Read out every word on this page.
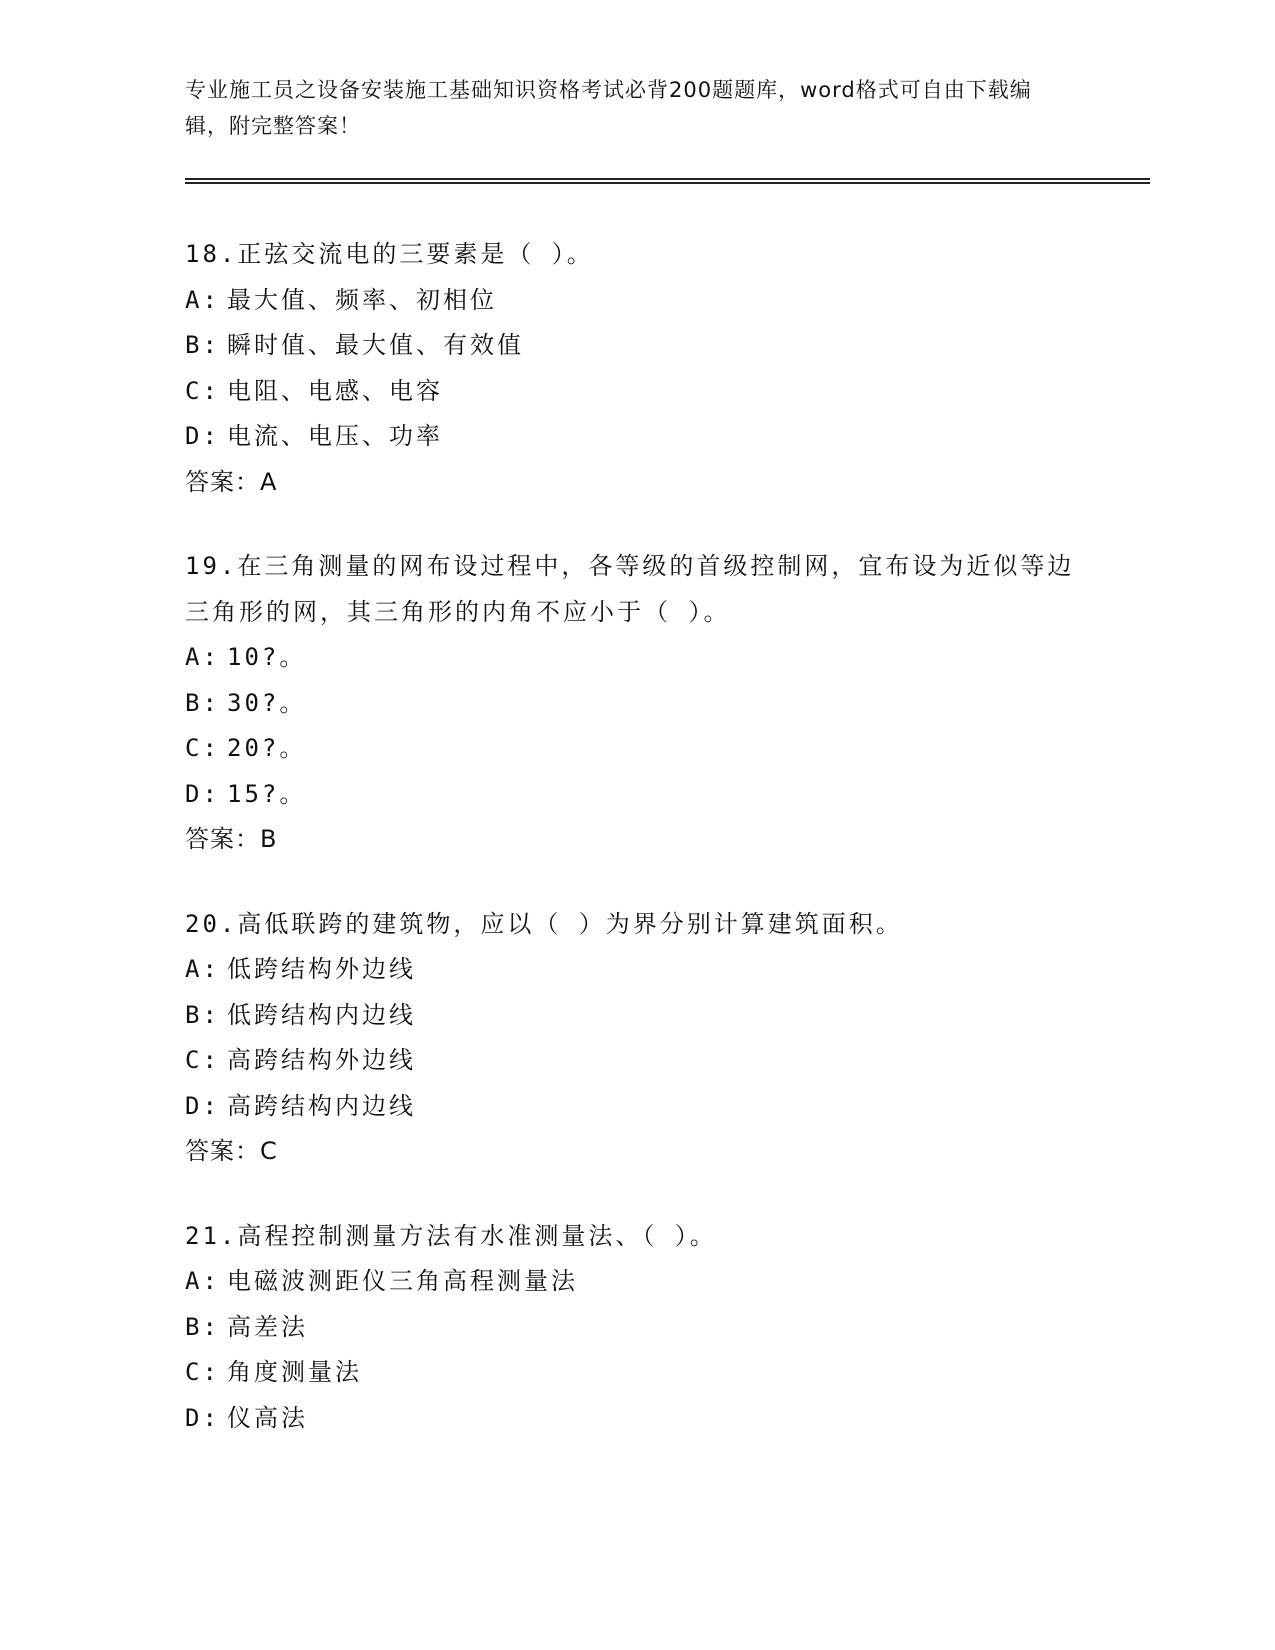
专业施工员之设备安装施工基础知识资格考试必背200题题库，word格式可自由下载编辑，附完整答案！
18.正弦交流电的三要素是（ ）。
A: 最大值、频率、初相位
B: 瞬时值、最大值、有效值
C: 电阻、电感、电容
D: 电流、电压、功率
答案：A
19.在三角测量的网布设过程中，各等级的首级控制网，宜布设为近似等边三角形的网，其三角形的内角不应小于（ ）。
A: 10?。
B: 30?。
C: 20?。
D: 15?。
答案：B
20.高低联跨的建筑物，应以（ ）为界分别计算建筑面积。
A: 低跨结构外边线
B: 低跨结构内边线
C: 高跨结构外边线
D: 高跨结构内边线
答案：C
21.高程控制测量方法有水准测量法、（ ）。
A: 电磁波测距仪三角高程测量法
B: 高差法
C: 角度测量法
D: 仪高法
